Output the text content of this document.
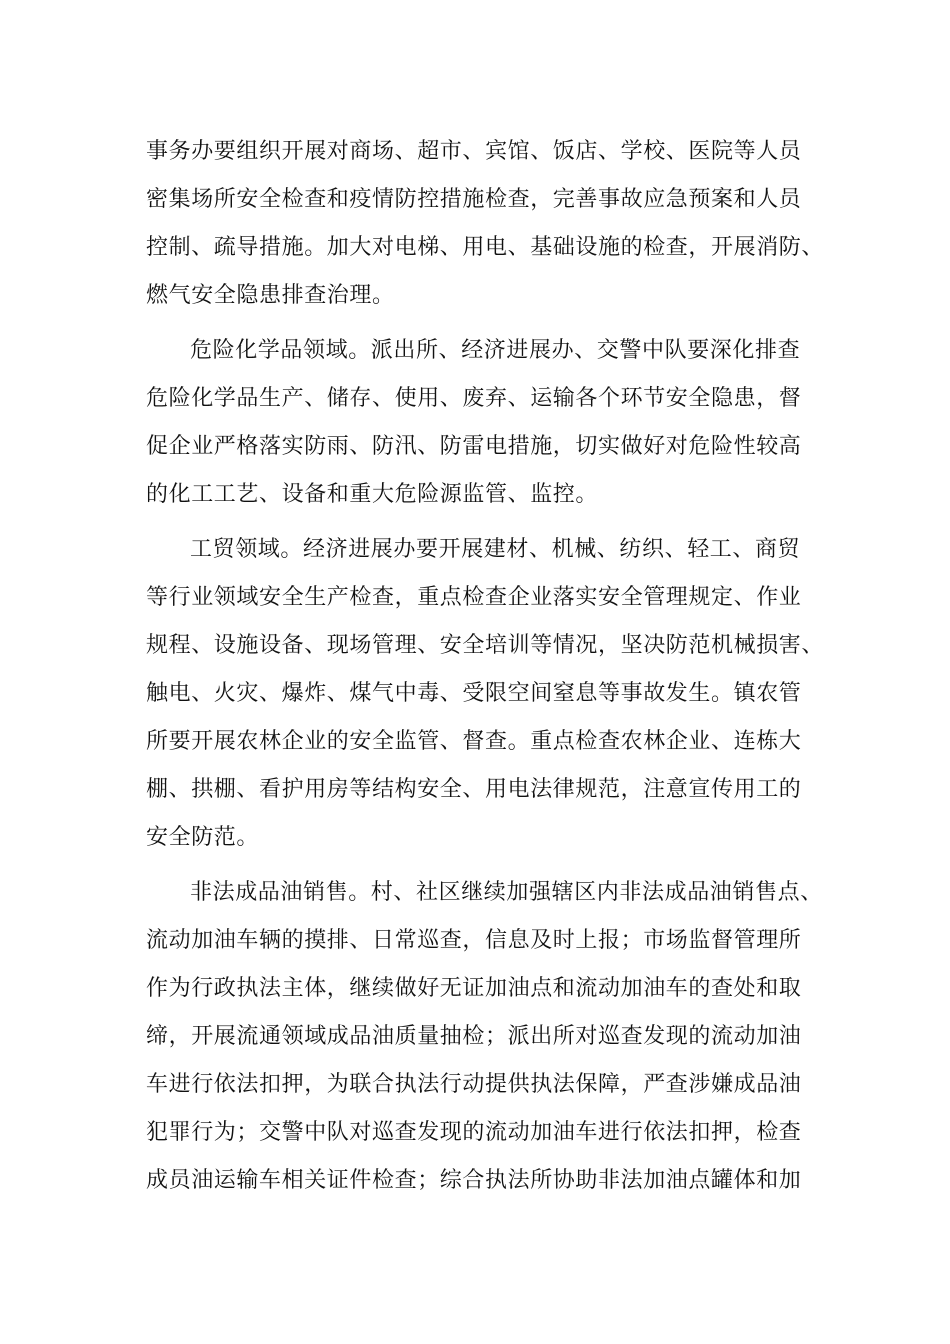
事务办要组织开展对商场、超市、宾馆、饭店、学校、医院等人员
密集场所安全检查和疫情防控措施检查，完善事故应急预案和人员
控制、疏导措施。加大对电梯、用电、基础设施的检查，开展消防、
燃气安全隐患排查治理。
危险化学品领域。派出所、经济进展办、交警中队要深化排查
危险化学品生产、储存、使用、废弃、运输各个环节安全隐患，督
促企业严格落实防雨、防汛、防雷电措施，切实做好对危险性较高
的化工工艺、设备和重大危险源监管、监控。
工贸领域。经济进展办要开展建材、机械、纺织、轻工、商贸
等行业领域安全生产检查，重点检查企业落实安全管理规定、作业
规程、设施设备、现场管理、安全培训等情况，坚决防范机械损害、
触电、火灾、爆炸、煤气中毒、受限空间窒息等事故发生。镇农管
所要开展农林企业的安全监管、督查。重点检查农林企业、连栋大
棚、拱棚、看护用房等结构安全、用电法律规范，注意宣传用工的
安全防范。
非法成品油销售。村、社区继续加强辖区内非法成品油销售点、
流动加油车辆的摸排、日常巡查，信息及时上报；市场监督管理所
作为行政执法主体，继续做好无证加油点和流动加油车的查处和取
缔，开展流通领域成品油质量抽检；派出所对巡查发现的流动加油
车进行依法扣押，为联合执法行动提供执法保障，严查涉嫌成品油
犯罪行为；交警中队对巡查发现的流动加油车进行依法扣押，检查
成员油运输车相关证件检查；综合执法所协助非法加油点罐体和加
